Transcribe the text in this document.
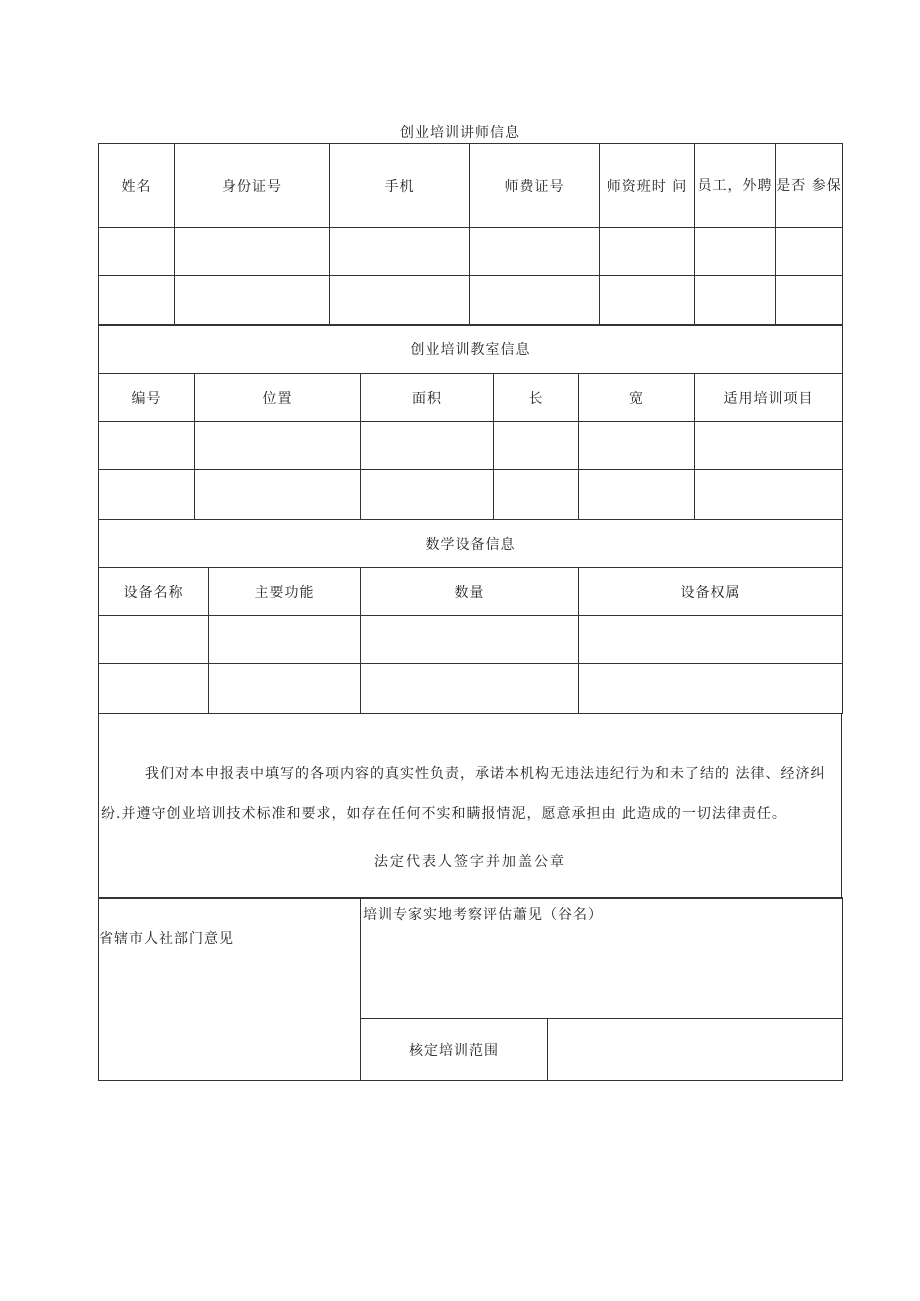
创业培训讲师信息
姓名	身份证号	手机	师费证号	师资班时 问	员工，外聘	是否 参保

创业培训教室信息					
编号	位置	面积	长	宽	适用培训项目

数学设备信息			
设备名称	主要功能	数量	设备权属

我们对本申报表中填写的各项内容的真实性负责，承诺本机构无违法违纪行为和未了结的 法律、经济纠

纷.并遵守创业培训技术标准和要求，如存在任何不实和瞒报情泥，愿意承担由 此造成的一切法律责任。

法定代表人签字并加盖公章

省辖市人社部门意见	培训专家实地考察评估蕭见（谷名）	
	核定培训范围	
